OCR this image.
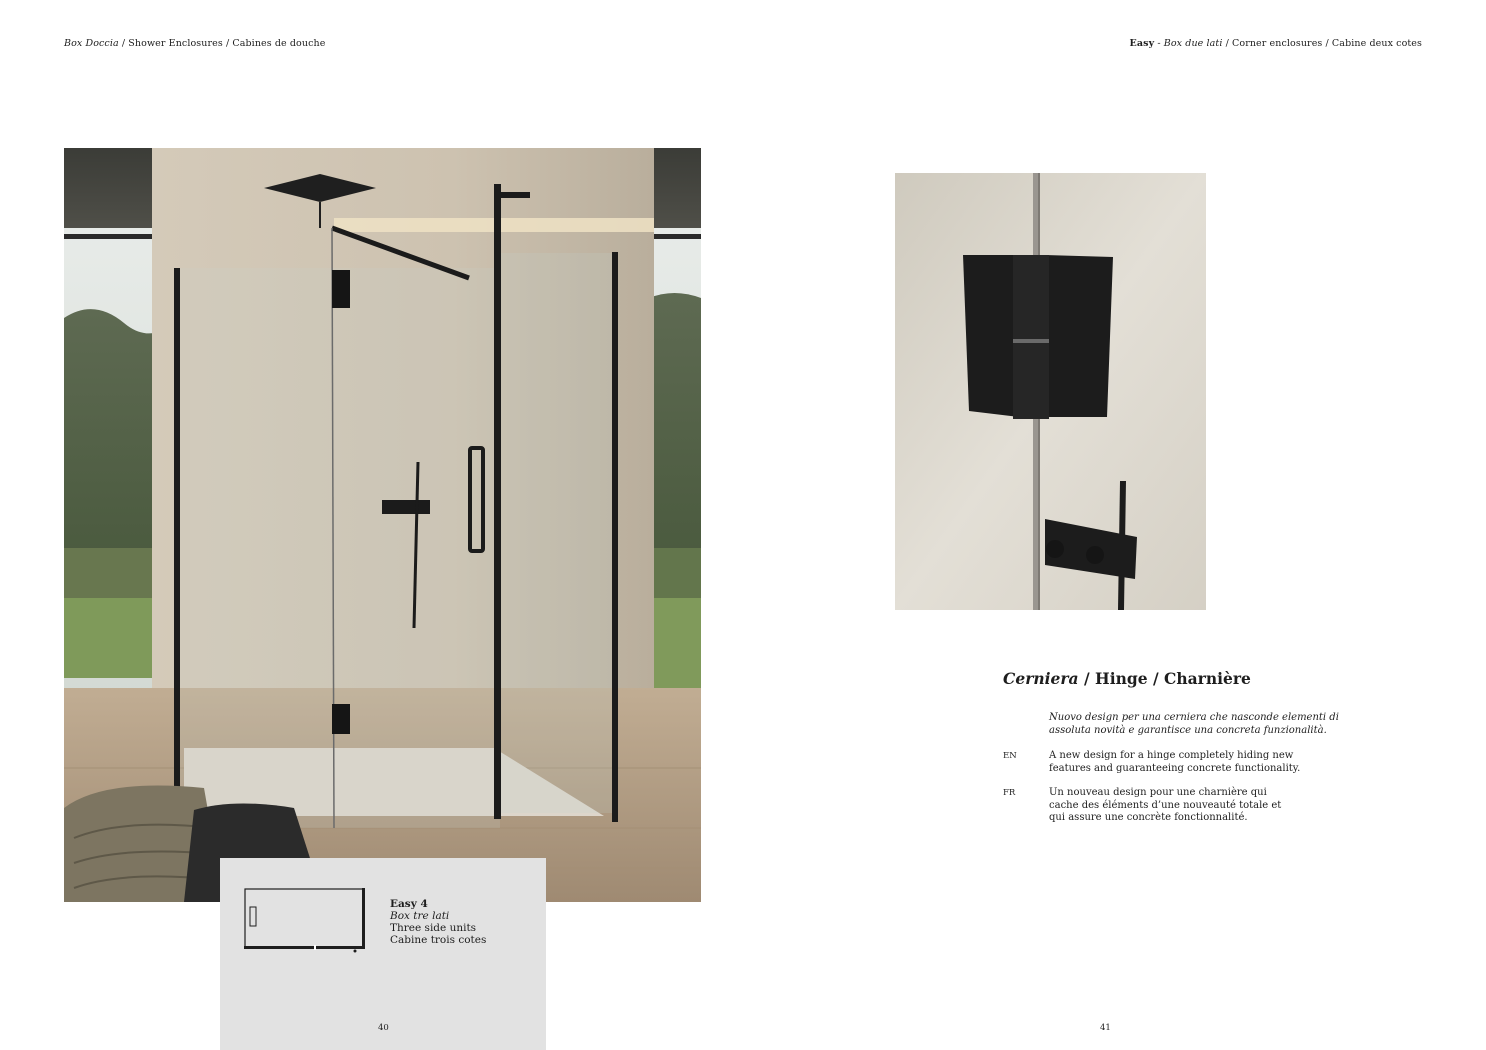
Box Doccia / Shower Enclosures / Cabines de douche	Easy - Box due lati / Corner enclosures / Cabine deux cotes
Cerniera / Hinge / Charnière
Nuovo design per una cerniera che nasconde elementi di
assoluta novità e garantisce una concreta funzionalità.
EN	A new design for a hinge completely hiding new
features and guaranteeing concrete functionality.
FR	Un nouveau design pour une charnière qui
cache des éléments d’une nouveauté totale et
qui assure une concrète fonctionnalité.
Easy 4
Box tre lati
Three side units
Cabine trois cotes
40	41
